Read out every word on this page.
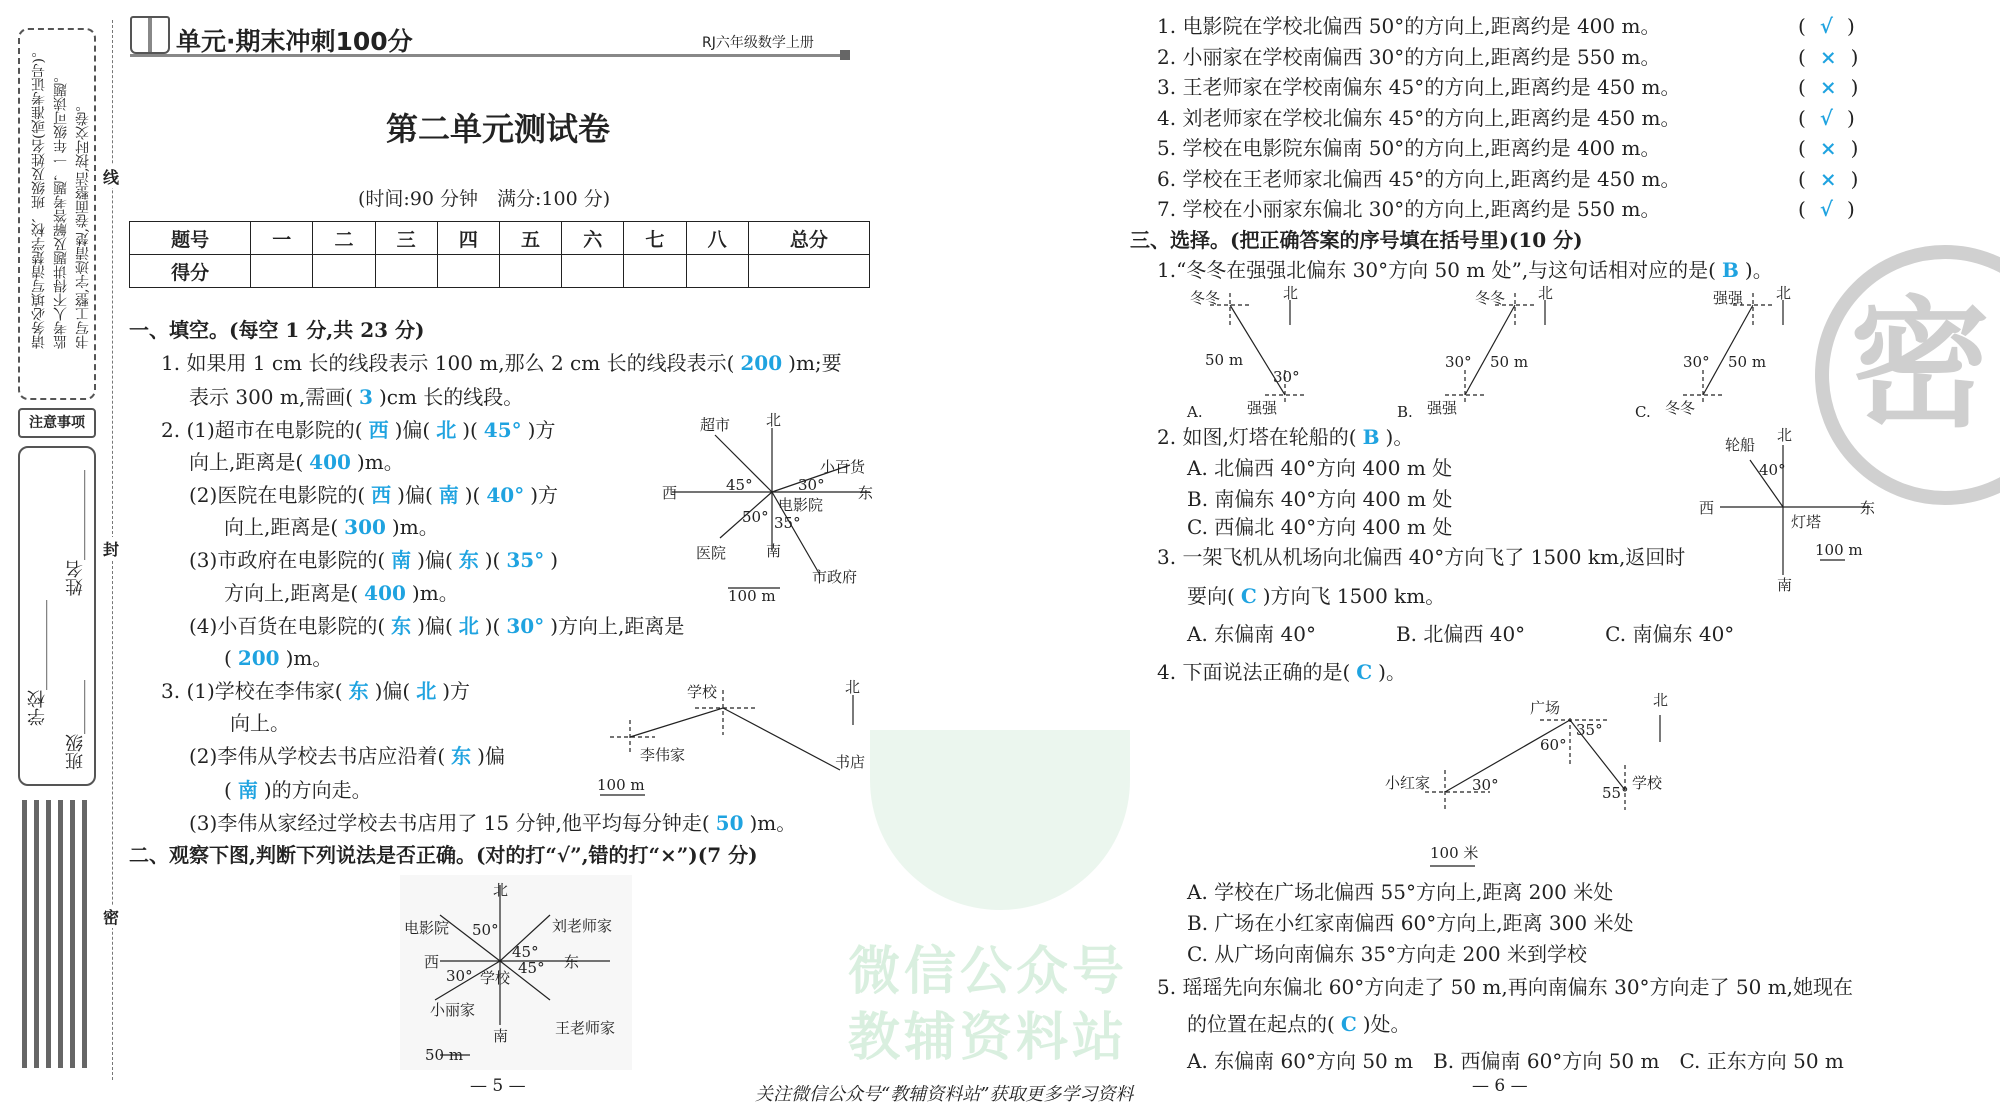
请务必填写清楚学校、班级及姓名(或准考证号)。 监考人不得讲题及解答考题，一年级可读题。 书写工整,字迹清楚,卷面整洁,按时交卷。
注意事项
学校__________
姓名__________
班级______
线
封
密
单元·期末冲刺100分	RJ六年级数学上册
第二单元测试卷
(时间:90 分钟　满分:100 分)
题号	一	二	三	四	五	六	七	八	总分
得分									
一、填空。(每空 1 分,共 23 分)
1. 如果用 1 cm 长的线段表示 100 m,那么 2 cm 长的线段表示( 200 )m;要
表示 300 m,需画( 3 )cm 长的线段。
2. (1)超市在电影院的( 西 )偏( 北 )( 45° )方
向上,距离是( 400 )m。
(2)医院在电影院的( 西 )偏( 南 )( 40° )方
向上,距离是( 300 )m。
(3)市政府在电影院的( 南 )偏( 东 )( 35° )
方向上,距离是( 400 )m。
(4)小百货在电影院的( 东 )偏( 北 )( 30° )方向上,距离是
( 200 )m。
3. (1)学校在李伟家( 东 )偏( 北 )方
向上。
(2)李伟从学校去书店应沿着( 东 )偏
( 南 )的方向走。
(3)李伟从家经过学校去书店用了 15 分钟,他平均每分钟走( 50 )m。
二、观察下图,判断下列说法是否正确。(对的打“√”,错的打“×”)(7 分)
超市 北
小百货
西	东
45°	30°
电影院
50° 35°
医院	南
市政府
100 m
学校
李伟家	书店
北
100 m
北
电影院	刘老师家
50°
45°
西	东
30° 学校
45°
小丽家
南	王老师家
50 m
— 5 —
微信公众号
教辅资料站
密
1. 电影院在学校北偏西 50°的方向上,距离约是 400 m。	( √ )
2. 小丽家在学校南偏西 30°的方向上,距离约是 550 m。	( × )
3. 王老师家在学校南偏东 45°的方向上,距离约是 450 m。	( × )
4. 刘老师家在学校北偏东 45°的方向上,距离约是 450 m。	( √ )
5. 学校在电影院东偏南 50°的方向上,距离约是 400 m。	( × )
6. 学校在王老师家北偏西 45°的方向上,距离约是 450 m。	( × )
7. 学校在小丽家东偏北 30°的方向上,距离约是 550 m。	( √ )
三、选择。(把正确答案的序号填在括号里)(10 分)
1.“冬冬在强强北偏东 30°方向 50 m 处”,与这句话相对应的是( B )。
2. 如图,灯塔在轮船的( B )。
A. 北偏西 40°方向 400 m 处
B. 南偏东 40°方向 400 m 处
C. 西偏北 40°方向 400 m 处
3. 一架飞机从机场向北偏西 40°方向飞了 1500 km,返回时
要向( C )方向飞 1500 km。
A. 东偏南 40°　　　　B. 北偏西 40°　　　　C. 南偏东 40°
4. 下面说法正确的是( C )。
A. 学校在广场北偏西 55°方向上,距离 200 米处
B. 广场在小红家南偏西 60°方向上,距离 300 米处
C. 从广场向南偏东 35°方向走 200 米到学校
5. 瑶瑶先向东偏北 60°方向走了 50 m,再向南偏东 30°方向走了 50 m,她现在
的位置在起点的( C )处。
A. 东偏南 60°方向 50 m　B. 西偏南 60°方向 50 m　C. 正东方向 50 m
A.
冬冬
强强
50 m
30°
北
B.
冬冬
强强
50 m
30°
北
C.
强强
冬冬
50 m
30°
北
轮船
北
40°
西	东
灯塔
100 m
南
广场	北
35°
60°
小红家	30°	55°
学校
100 米
— 6 —
关注微信公众号“教辅资料站”获取更多学习资料
